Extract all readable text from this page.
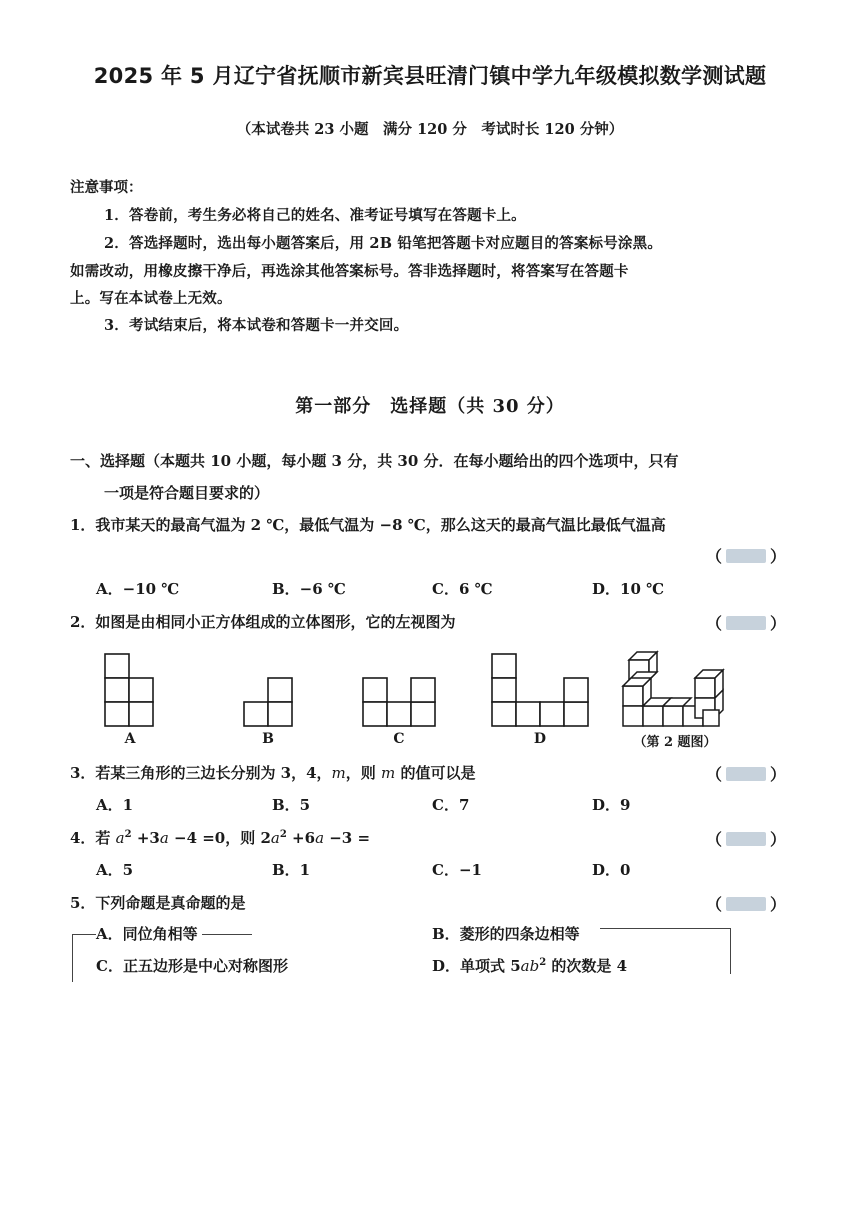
2025 年 5 月辽宁省抚顺市新宾县旺清门镇中学九年级模拟数学测试题
（本试卷共 23 小题　满分 120 分　考试时长 120 分钟）
注意事项：
1．答卷前，考生务必将自己的姓名、准考证号填写在答题卡上。
2．答选择题时，选出每小题答案后，用 2B 铅笔把答题卡对应题目的答案标号涂黑。
如需改动，用橡皮擦干净后，再选涂其他答案标号。答非选择题时，将答案写在答题卡
上。写在本试卷上无效。
3．考试结束后，将本试卷和答题卡一并交回。
第一部分　选择题（共 30 分）
一、选择题（本题共 10 小题，每小题 3 分，共 30 分．在每小题给出的四个选项中，只有
一项是符合题目要求的）
1．我市某天的最高气温为 2 ℃，最低气温为 −8 ℃，那么这天的最高气温比最低气温高
（	）
A．−10 ℃	B．−6 ℃	C．6 ℃	D．10 ℃
2．如图是由相同小正方体组成的立体图形，它的左视图为	（	）
A	B	C	D	（第 2 题图）
3．若某三角形的三边长分别为 3，4，m，则 m 的值可以是	（	）
A．1	B．5	C．7	D．9
4．若 $a^2 +3a -4 =0$，则 $2a^2 +6a -3$ =	（	）
A．5	B．1	C．−1	D．0
5．下列命题是真命题的是	（	）
A．同位角相等	B．菱形的四条边相等
C．正五边形是中心对称图形	D．单项式 $5ab^2$ 的次数是 4
